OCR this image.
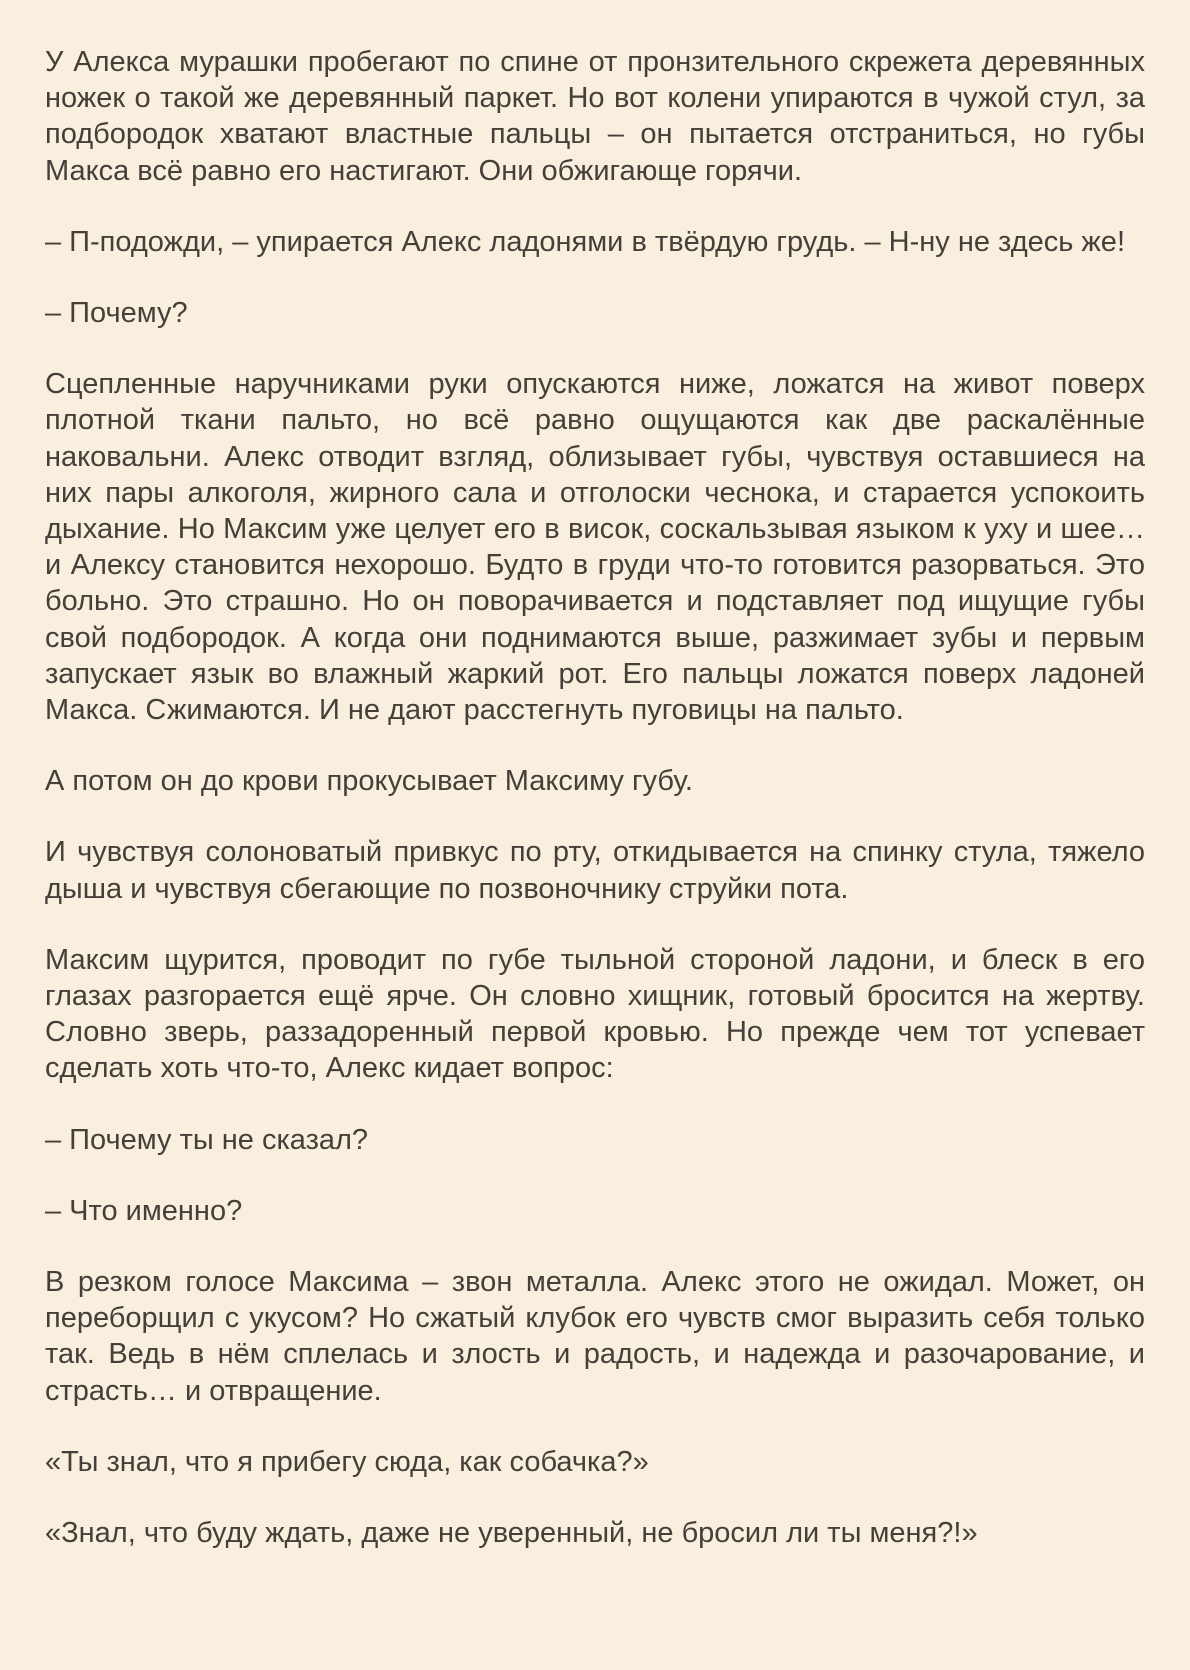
У Алекса мурашки пробегают по спине от пронзительного скрежета деревянных ножек о такой же деревянный паркет. Но вот колени упираются в чужой стул, за подбородок хватают властные пальцы – он пытается отстраниться, но губы Макса всё равно его настигают. Они обжигающе горячи.

– П-подожди, – упирается Алекс ладонями в твёрдую грудь. – Н-ну не здесь же!

– Почему?

Сцепленные наручниками руки опускаются ниже, ложатся на живот поверх плотной ткани пальто, но всё равно ощущаются как две раскалённые наковальни. Алекс отводит взгляд, облизывает губы, чувствуя оставшиеся на них пары алкоголя, жирного сала и отголоски чеснока, и старается успокоить дыхание. Но Максим уже целует его в висок, соскальзывая языком к уху и шее… и Алексу становится нехорошо. Будто в груди что-то готовится разорваться. Это больно. Это страшно. Но он поворачивается и подставляет под ищущие губы свой подбородок. А когда они поднимаются выше, разжимает зубы и первым запускает язык во влажный жаркий рот. Его пальцы ложатся поверх ладоней Макса. Сжимаются. И не дают расстегнуть пуговицы на пальто.

А потом он до крови прокусывает Максиму губу.

И чувствуя солоноватый привкус по рту, откидывается на спинку стула, тяжело дыша и чувствуя сбегающие по позвоночнику струйки пота.

Максим щурится, проводит по губе тыльной стороной ладони, и блеск в его глазах разгорается ещё ярче. Он словно хищник, готовый бросится на жертву. Словно зверь, раззадоренный первой кровью. Но прежде чем тот успевает сделать хоть что-то, Алекс кидает вопрос:

– Почему ты не сказал?

– Что именно?

В резком голосе Максима – звон металла. Алекс этого не ожидал. Может, он переборщил с укусом? Но сжатый клубок его чувств смог выразить себя только так. Ведь в нём сплелась и злость и радость, и надежда и разочарование, и страсть… и отвращение.

«Ты знал, что я прибегу сюда, как собачка?»

«Знал, что буду ждать, даже не уверенный, не бросил ли ты меня?!»
